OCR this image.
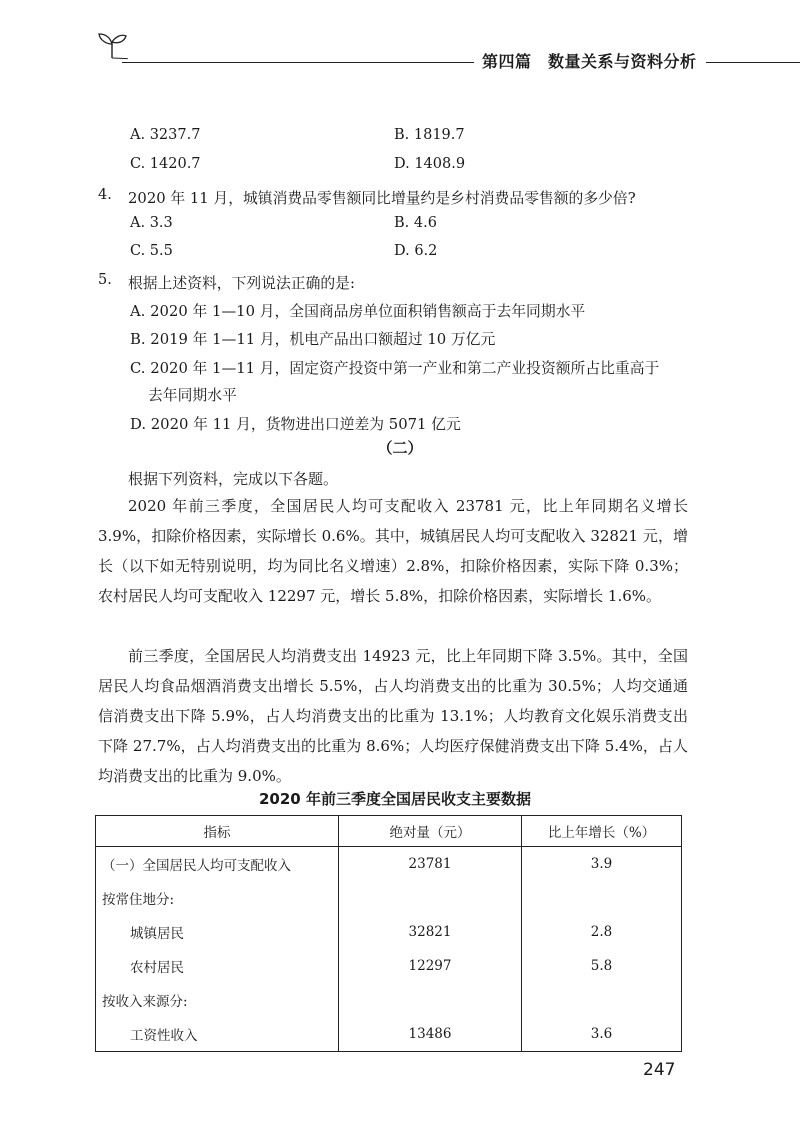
第四篇　数量关系与资料分析
A. 3237.7	B. 1819.7
C. 1420.7	D. 1408.9
4. 2020 年 11 月，城镇消费品零售额同比增量约是乡村消费品零售额的多少倍?
A. 3.3	B. 4.6
C. 5.5	D. 6.2
5. 根据上述资料，下列说法正确的是:
A. 2020 年 1—10 月，全国商品房单位面积销售额高于去年同期水平
B. 2019 年 1—11 月，机电产品出口额超过 10 万亿元
C. 2020 年 1—11 月，固定资产投资中第一产业和第二产业投资额所占比重高于
去年同期水平
D. 2020 年 11 月，货物进出口逆差为 5071 亿元
（二）
根据下列资料，完成以下各题。
2020 年前三季度，全国居民人均可支配收入 23781 元，比上年同期名义增长 3.9%，扣除价格因素，实际增长 0.6%。其中，城镇居民人均可支配收入 32821 元，增长（以下如无特别说明，均为同比名义增速）2.8%，扣除价格因素，实际下降 0.3%；农村居民人均可支配收入 12297 元，增长 5.8%，扣除价格因素，实际增长 1.6%。
前三季度，全国居民人均消费支出 14923 元，比上年同期下降 3.5%。其中，全国居民人均食品烟酒消费支出增长 5.5%，占人均消费支出的比重为 30.5%；人均交通通信消费支出下降 5.9%，占人均消费支出的比重为 13.1%；人均教育文化娱乐消费支出下降 27.7%，占人均消费支出的比重为 8.6%；人均医疗保健消费支出下降 5.4%，占人均消费支出的比重为 9.0%。
2020 年前三季度全国居民收支主要数据
指标	绝对量（元）	比上年增长（%）
（一）全国居民人均可支配收入	23781	3.9
按常住地分:		
城镇居民	32821	2.8
农村居民	12297	5.8
按收入来源分:		
工资性收入	13486	3.6
247
